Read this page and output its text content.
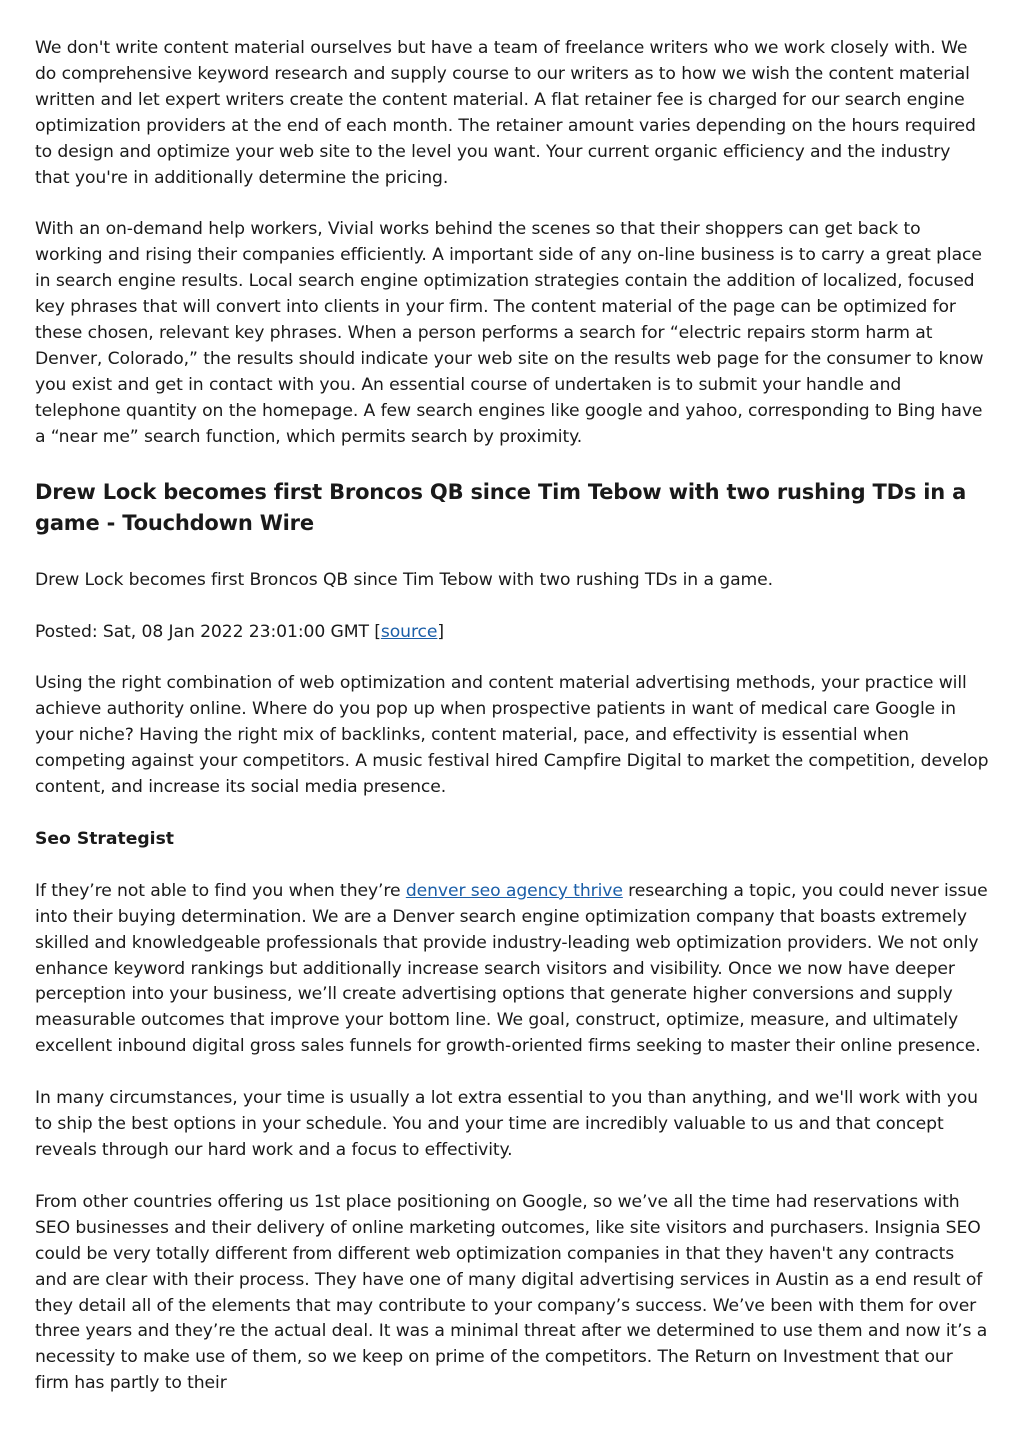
We don't write content material ourselves but have a team of freelance writers who we work closely with. We do comprehensive keyword research and supply course to our writers as to how we wish the content material written and let expert writers create the content material. A flat retainer fee is charged for our search engine optimization providers at the end of each month. The retainer amount varies depending on the hours required to design and optimize your web site to the level you want. Your current organic efficiency and the industry that you're in additionally determine the pricing.

With an on-demand help workers, Vivial works behind the scenes so that their shoppers can get back to working and rising their companies efficiently. A important side of any on-line business is to carry a great place in search engine results. Local search engine optimization strategies contain the addition of localized, focused key phrases that will convert into clients in your firm. The content material of the page can be optimized for these chosen, relevant key phrases. When a person performs a search for “electric repairs storm harm at Denver, Colorado,” the results should indicate your web site on the results web page for the consumer to know you exist and get in contact with you. An essential course of undertaken is to submit your handle and telephone quantity on the homepage. A few search engines like google and yahoo, corresponding to Bing have a “near me” search function, which permits search by proximity.

Drew Lock becomes first Broncos QB since Tim Tebow with two rushing TDs in a game - Touchdown Wire

Drew Lock becomes first Broncos QB since Tim Tebow with two rushing TDs in a game.

Posted: Sat, 08 Jan 2022 23:01:00 GMT [source]

Using the right combination of web optimization and content material advertising methods, your practice will achieve authority online. Where do you pop up when prospective patients in want of medical care Google in your niche? Having the right mix of backlinks, content material, pace, and effectivity is essential when competing against your competitors. A music festival hired Campfire Digital to market the competition, develop content, and increase its social media presence.

Seo Strategist

If they’re not able to find you when they’re denver seo agency thrive researching a topic, you could never issue into their buying determination. We are a Denver search engine optimization company that boasts extremely skilled and knowledgeable professionals that provide industry-leading web optimization providers. We not only enhance keyword rankings but additionally increase search visitors and visibility. Once we now have deeper perception into your business, we’ll create advertising options that generate higher conversions and supply measurable outcomes that improve your bottom line. We goal, construct, optimize, measure, and ultimately excellent inbound digital gross sales funnels for growth-oriented firms seeking to master their online presence.

In many circumstances, your time is usually a lot extra essential to you than anything, and we'll work with you to ship the best options in your schedule. You and your time are incredibly valuable to us and that concept reveals through our hard work and a focus to effectivity.

From other countries offering us 1st place positioning on Google, so we’ve all the time had reservations with SEO businesses and their delivery of online marketing outcomes, like site visitors and purchasers. Insignia SEO could be very totally different from different web optimization companies in that they haven't any contracts and are clear with their process. They have one of many digital advertising services in Austin as a end result of they detail all of the elements that may contribute to your company’s success. We’ve been with them for over three years and they’re the actual deal. It was a minimal threat after we determined to use them and now it’s a necessity to make use of them, so we keep on prime of the competitors. The Return on Investment that our firm has partly to their
